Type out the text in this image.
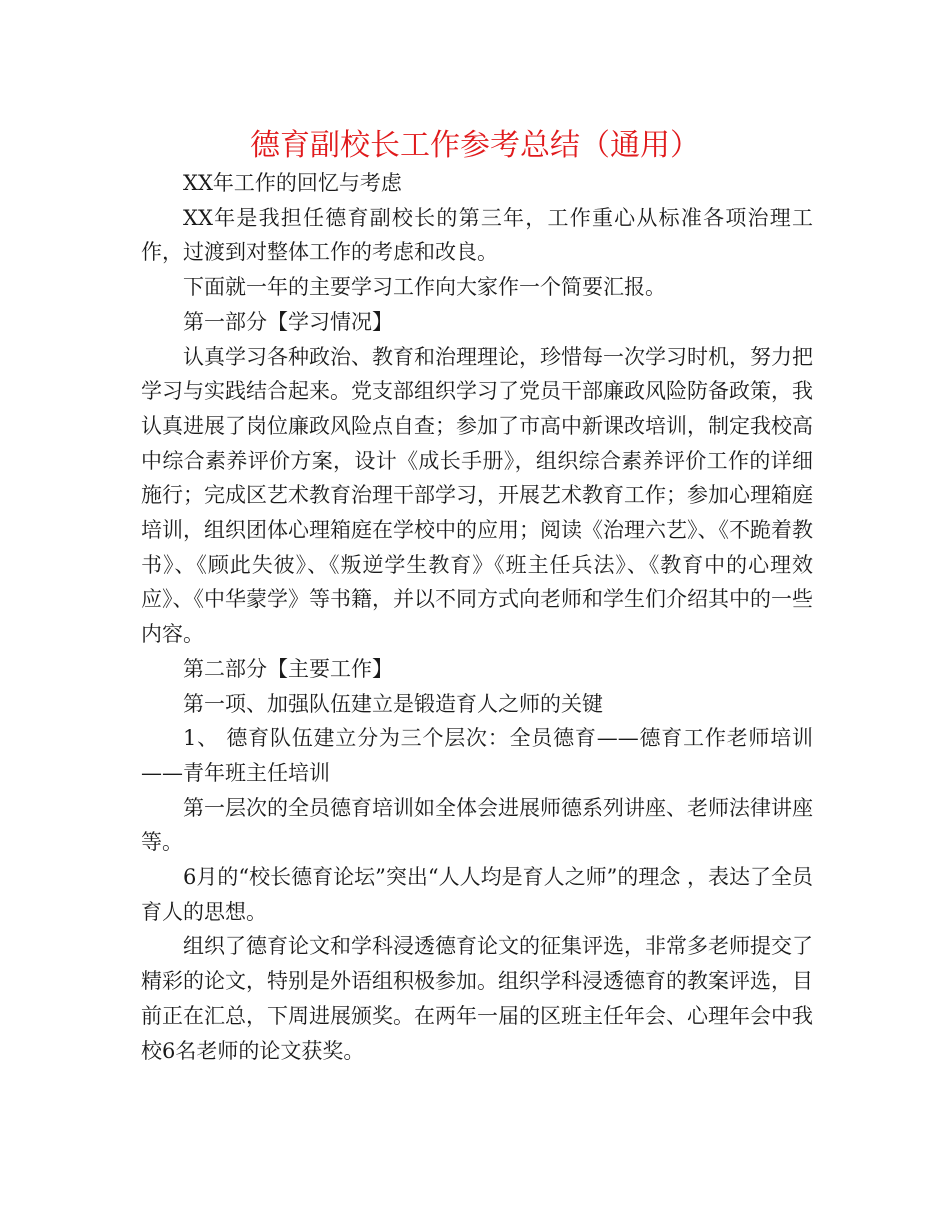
德育副校长工作参考总结（通用）

XX年工作的回忆与考虑

XX年是我担任德育副校长的第三年，工作重心从标准各项治理工作，过渡到对整体工作的考虑和改良。

下面就一年的主要学习工作向大家作一个简要汇报。

第一部分【学习情况】

认真学习各种政治、教育和治理理论，珍惜每一次学习时机，努力把学习与实践结合起来。党支部组织学习了党员干部廉政风险防备政策，我认真进展了岗位廉政风险点自查；参加了市高中新课改培训，制定我校高中综合素养评价方案，设计《成长手册》，组织综合素养评价工作的详细施行；完成区艺术教育治理干部学习，开展艺术教育工作；参加心理箱庭培训，组织团体心理箱庭在学校中的应用；阅读《治理六艺》、《不跪着教书》、《顾此失彼》、《叛逆学生教育》《班主任兵法》、《教育中的心理效应》、《中华蒙学》等书籍，并以不同方式向老师和学生们介绍其中的一些内容。

第二部分【主要工作】

第一项、加强队伍建立是锻造育人之师的关键

1、 德育队伍建立分为三个层次：全员德育——德育工作老师培训——青年班主任培训

第一层次的全员德育培训如全体会进展师德系列讲座、老师法律讲座等。

6月的“校长德育论坛”突出“人人均是育人之师”的理念 ，表达了全员育人的思想。

组织了德育论文和学科浸透德育论文的征集评选，非常多老师提交了精彩的论文，特别是外语组积极参加。组织学科浸透德育的教案评选，目前正在汇总，下周进展颁奖。在两年一届的区班主任年会、心理年会中我校6名老师的论文获奖。
